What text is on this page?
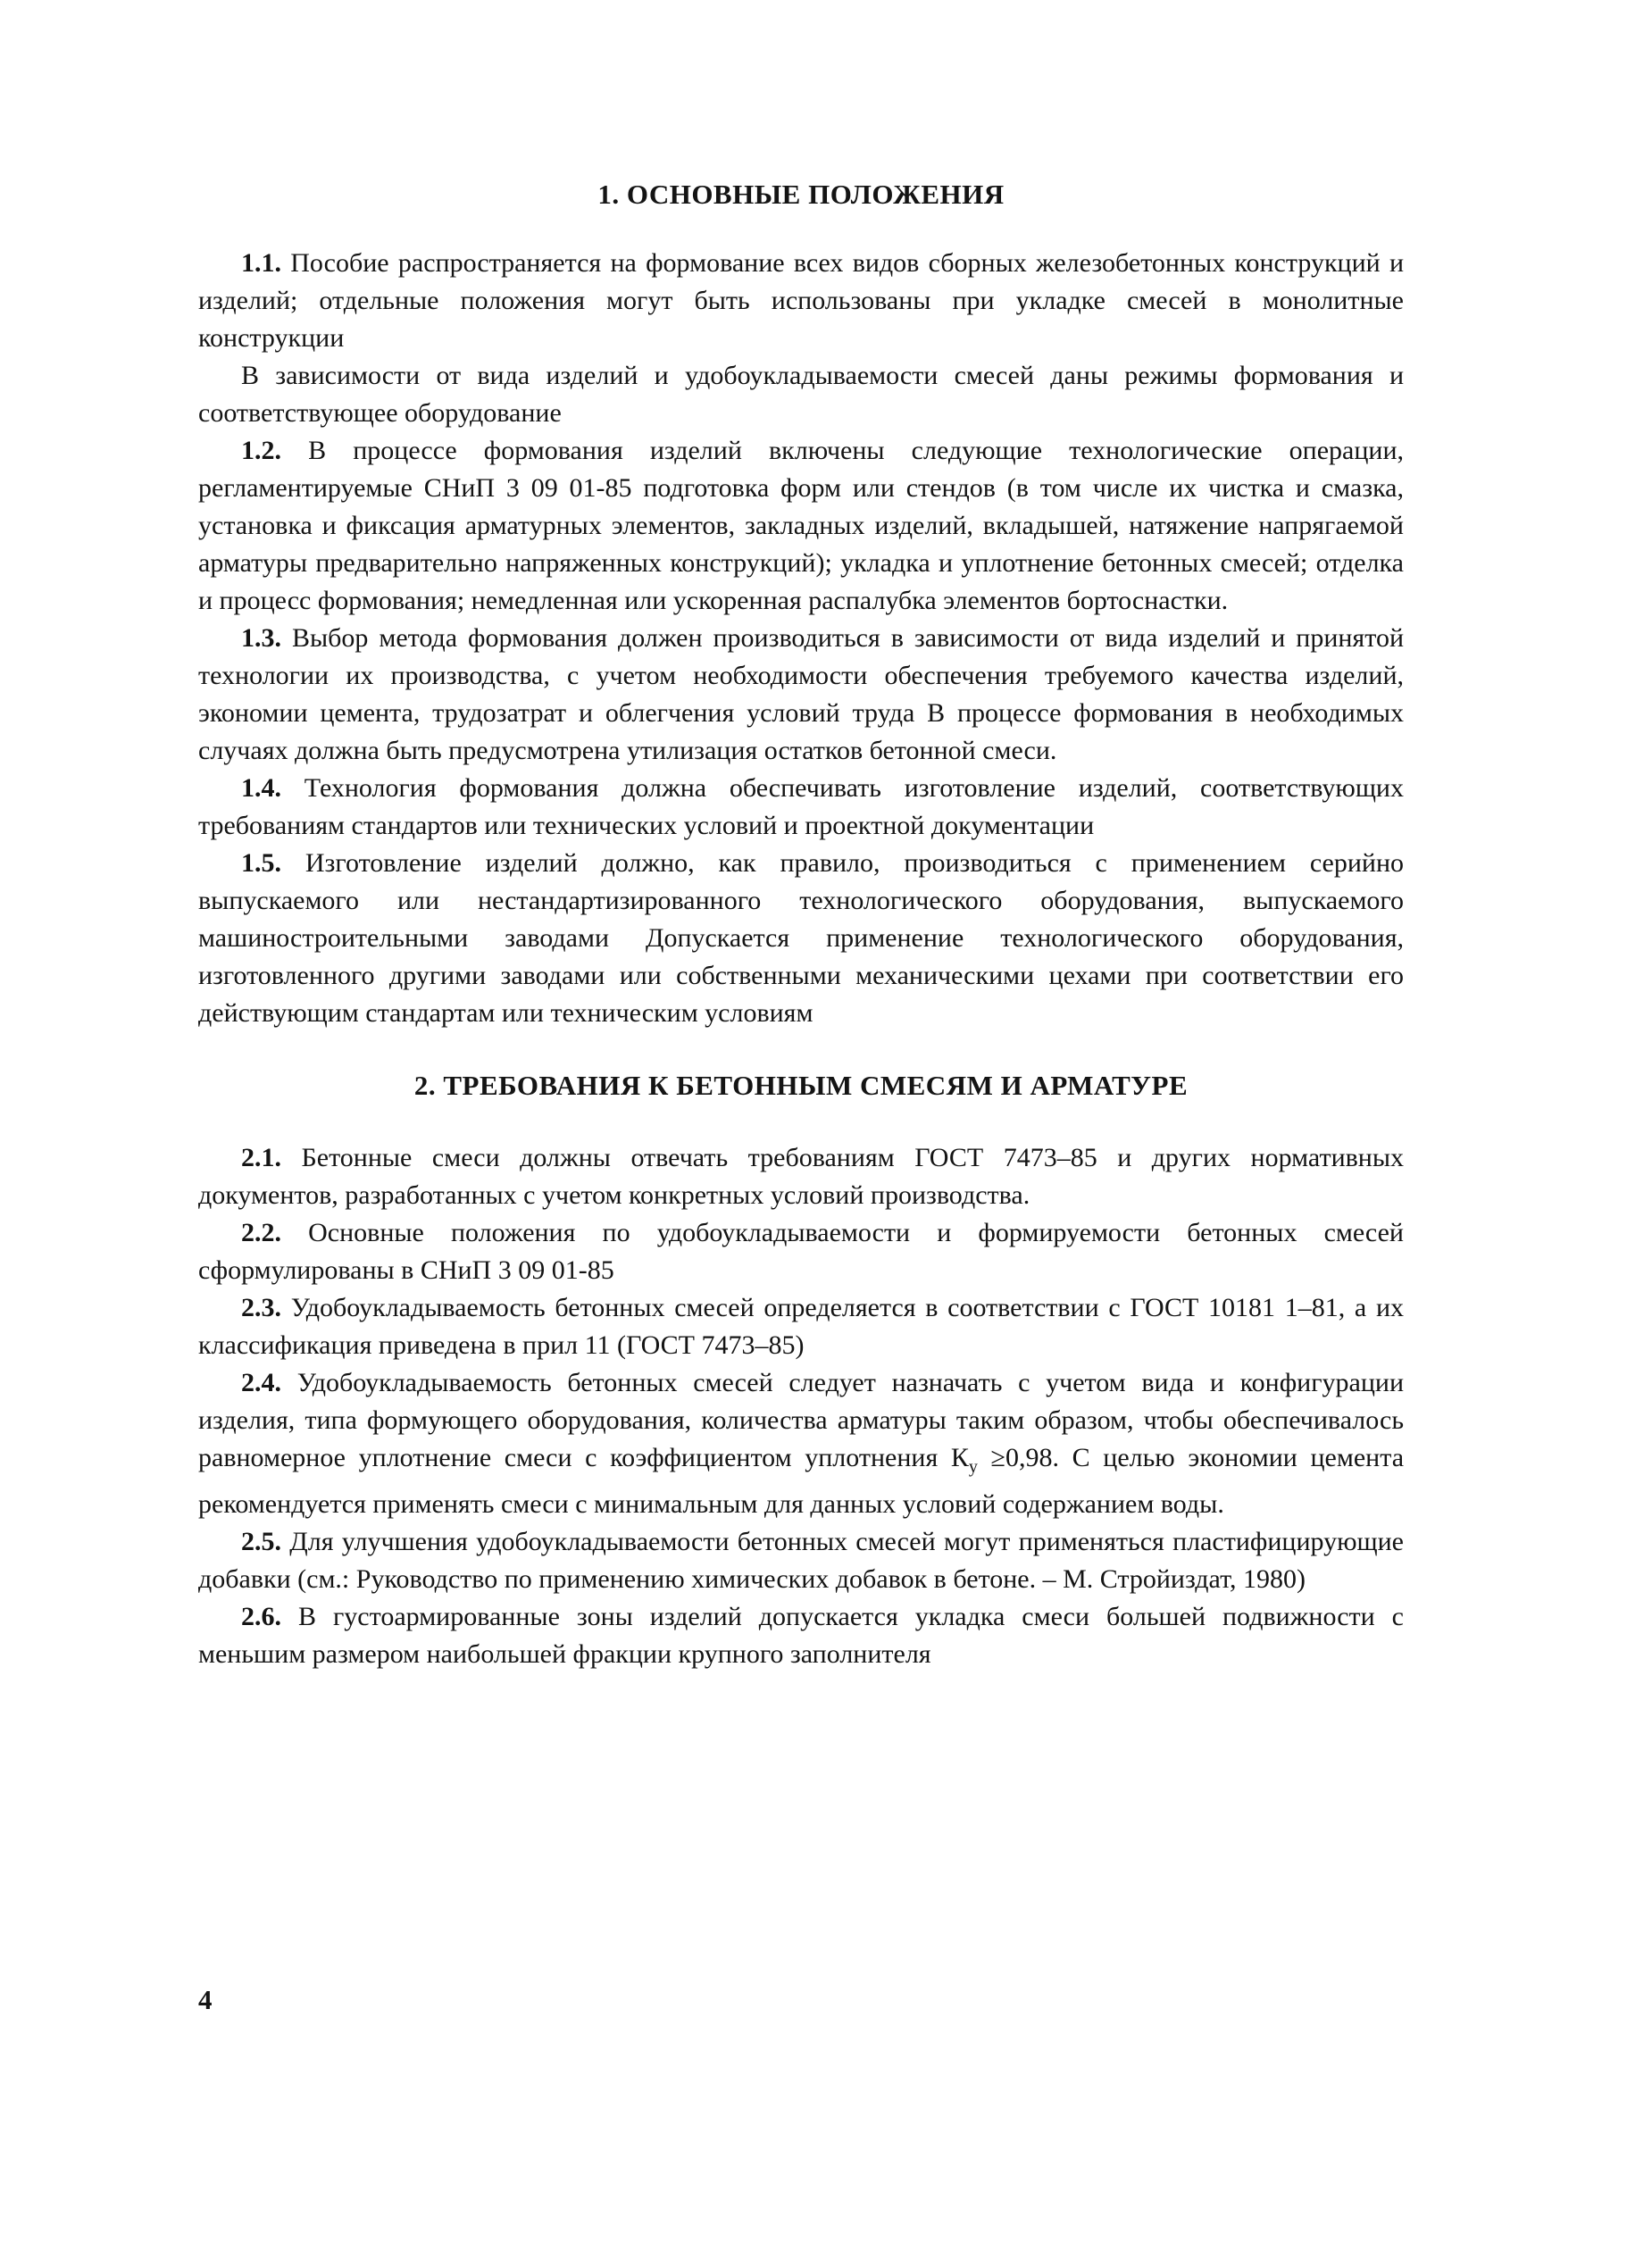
1. ОСНОВНЫЕ ПОЛОЖЕНИЯ

1.1. Пособие распространяется на формование всех видов сборных железобетонных конструкций и изделий; отдельные положения могут быть использованы при укладке смесей в монолитные конструкции

В зависимости от вида изделий и удобоукладываемости смесей даны режимы формования и соответствующее оборудование

1.2. В процессе формования изделий включены следующие технологические операции, регламентируемые СНиП 3 09 01-85 подготовка форм или стендов (в том числе их чистка и смазка, установка и фиксация арматурных элементов, закладных изделий, вкладышей, натяжение напрягаемой арматуры предварительно напряженных конструкций); укладка и уплотнение бетонных смесей; отделка и процесс формования; немедленная или ускоренная распалубка элементов бортоснастки.

1.3. Выбор метода формования должен производиться в зависимости от вида изделий и принятой технологии их производства, с учетом необходимости обеспечения требуемого качества изделий, экономии цемента, трудозатрат и облегчения условий труда В процессе формования в необходимых случаях должна быть предусмотрена утилизация остатков бетонной смеси.

1.4. Технология формования должна обеспечивать изготовление изделий, соответствующих требованиям стандартов или технических условий и проектной документации

1.5. Изготовление изделий должно, как правило, производиться с применением серийно выпускаемого или нестандартизированного технологического оборудования, выпускаемого машиностроительными заводами Допускается применение технологического оборудования, изготовленного другими заводами или собственными механическими цехами при соответствии его действующим стандартам или техническим условиям

2. ТРЕБОВАНИЯ К БЕТОННЫМ СМЕСЯМ И АРМАТУРЕ

2.1. Бетонные смеси должны отвечать требованиям ГОСТ 7473–85 и других нормативных документов, разработанных с учетом конкретных условий производства.

2.2. Основные положения по удобоукладываемости и формируемости бетонных смесей сформулированы в СНиП 3 09 01-85

2.3. Удобоукладываемость бетонных смесей определяется в соответствии с ГОСТ 10181 1–81, а их классификация приведена в прил 11 (ГОСТ 7473–85)

2.4. Удобоукладываемость бетонных смесей следует назначать с учетом вида и конфигурации изделия, типа формующего оборудования, количества арматуры таким образом, чтобы обеспечивалось равномерное уплотнение смеси с коэффициентом уплотнения $К_у \ge 0,98$. С целью экономии цемента рекомендуется применять смеси с минимальным для данных условий содержанием воды.

2.5. Для улучшения удобоукладываемости бетонных смесей могут применяться пластифицирующие добавки (см.: Руководство по применению химических добавок в бетоне. – М. Стройиздат, 1980)

2.6. В густоармированные зоны изделий допускается укладка смеси большей подвижности с меньшим размером наибольшей фракции крупного заполнителя

4
